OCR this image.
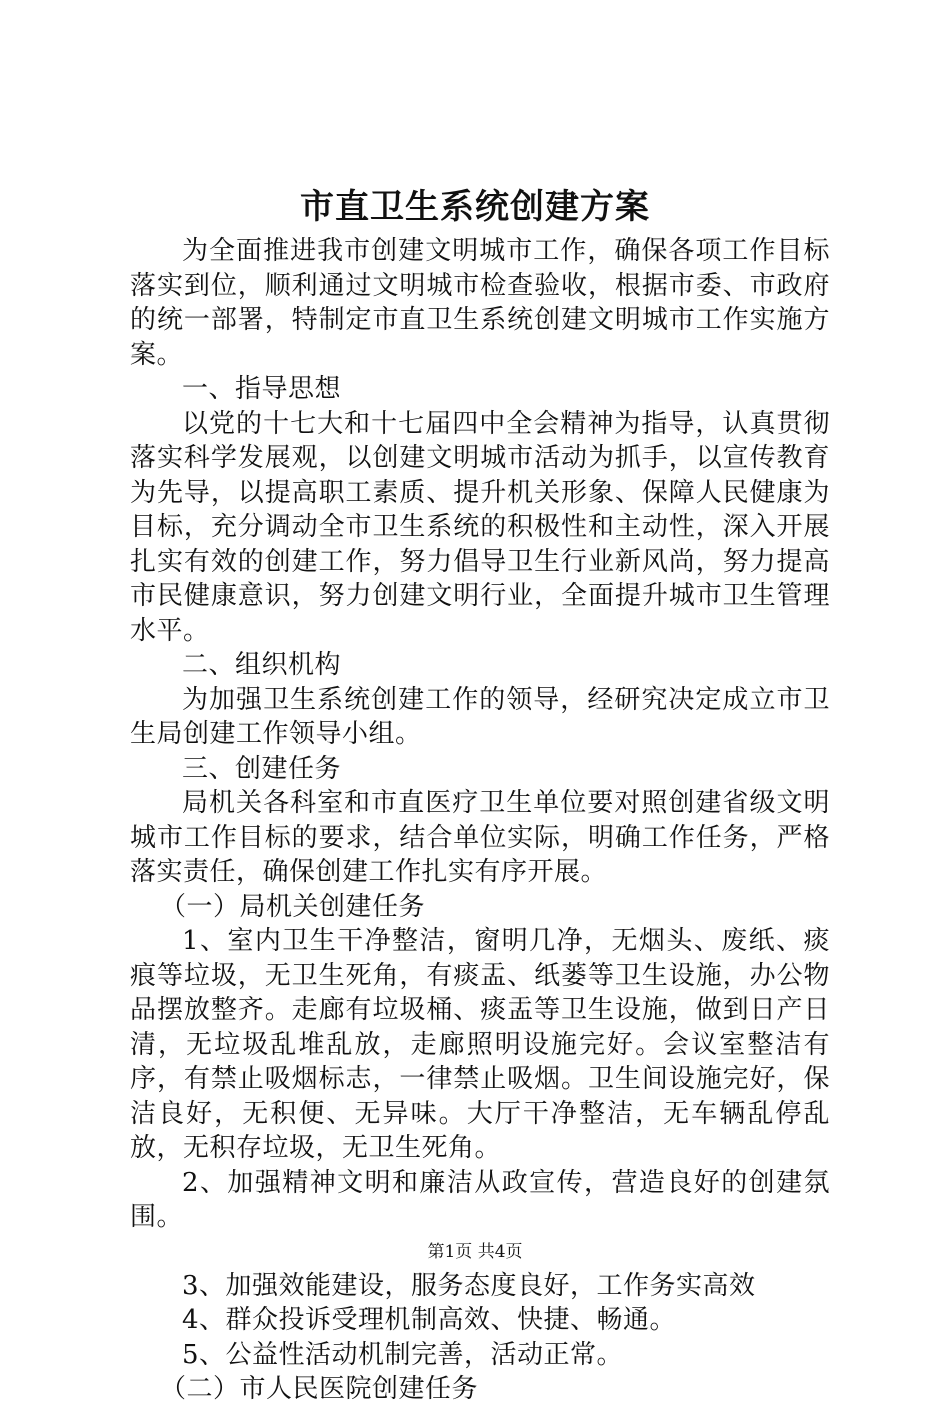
市直卫生系统创建方案

为全面推进我市创建文明城市工作，确保各项工作目标落实到位，顺利通过文明城市检查验收，根据市委、市政府的统一部署，特制定市直卫生系统创建文明城市工作实施方案。

一、指导思想

以党的十七大和十七届四中全会精神为指导，认真贯彻落实科学发展观，以创建文明城市活动为抓手，以宣传教育为先导，以提高职工素质、提升机关形象、保障人民健康为目标，充分调动全市卫生系统的积极性和主动性，深入开展扎实有效的创建工作，努力倡导卫生行业新风尚，努力提高市民健康意识，努力创建文明行业，全面提升城市卫生管理水平。

二、组织机构

为加强卫生系统创建工作的领导，经研究决定成立市卫生局创建工作领导小组。

三、创建任务

局机关各科室和市直医疗卫生单位要对照创建省级文明城市工作目标的要求，结合单位实际，明确工作任务，严格落实责任，确保创建工作扎实有序开展。

（一）局机关创建任务

1、室内卫生干净整洁，窗明几净，无烟头、废纸、痰痕等垃圾，无卫生死角，有痰盂、纸蒌等卫生设施，办公物品摆放整齐。走廊有垃圾桶、痰盂等卫生设施，做到日产日清，无垃圾乱堆乱放，走廊照明设施完好。会议室整洁有序，有禁止吸烟标志，一律禁止吸烟。卫生间设施完好，保洁良好，无积便、无异味。大厅干净整洁，无车辆乱停乱放，无积存垃圾，无卫生死角。

2、加强精神文明和廉洁从政宣传，营造良好的创建氛围。

3、加强效能建设，服务态度良好，工作务实高效

4、群众投诉受理机制高效、快捷、畅通。

5、公益性活动机制完善，活动正常。

（二）市人民医院创建任务

第1页 共4页
